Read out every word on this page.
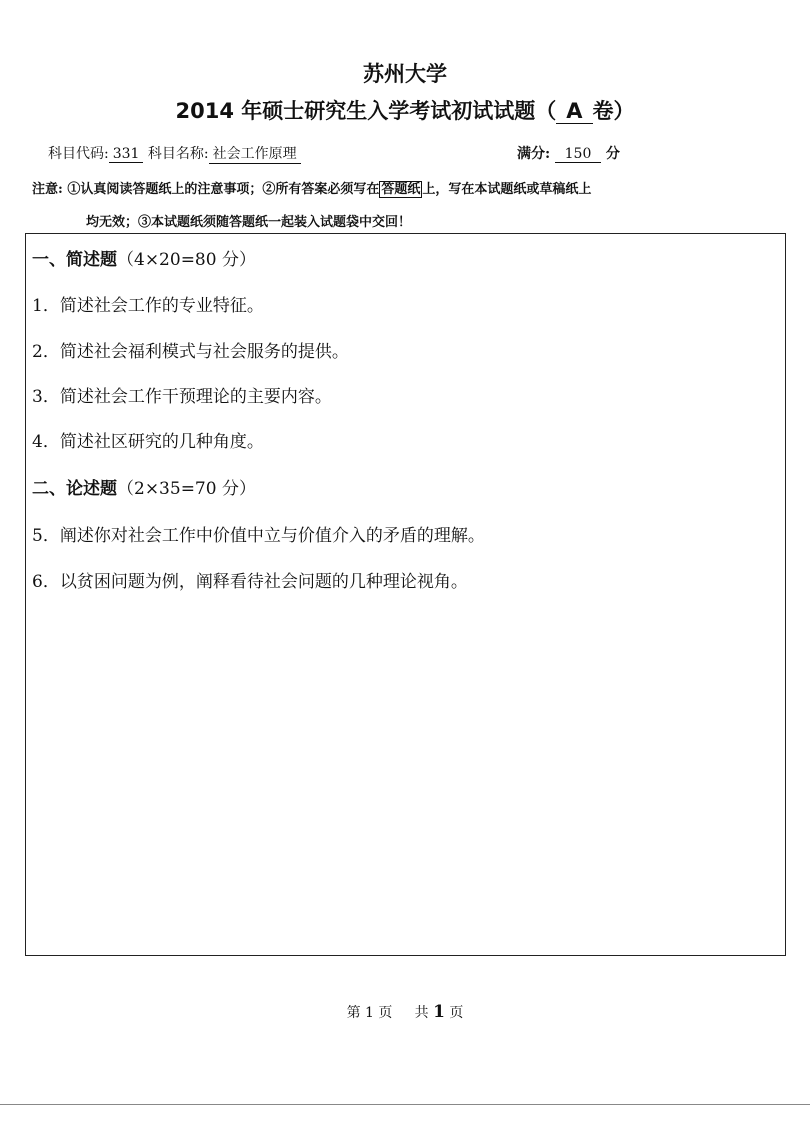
苏州大学
2014 年硕士研究生入学考试初试试题（ A 卷）
科目代码: 331 科目名称: 社会工作原理	满分: 150 分
注意: ①认真阅读答题纸上的注意事项；②所有答案必须写在 答题纸 上，写在本试题纸或草稿纸上
均无效；③本试题纸须随答题纸一起装入试题袋中交回！
一、简述题（4×20=80 分）
1．简述社会工作的专业特征。
2．简述社会福利模式与社会服务的提供。
3．简述社会工作干预理论的主要内容。
4．简述社区研究的几种角度。
二、论述题（2×35=70 分）
5．阐述你对社会工作中价值中立与价值介入的矛盾的理解。
6．以贫困问题为例，阐释看待社会问题的几种理论视角。
第 1 页 共 1 页
